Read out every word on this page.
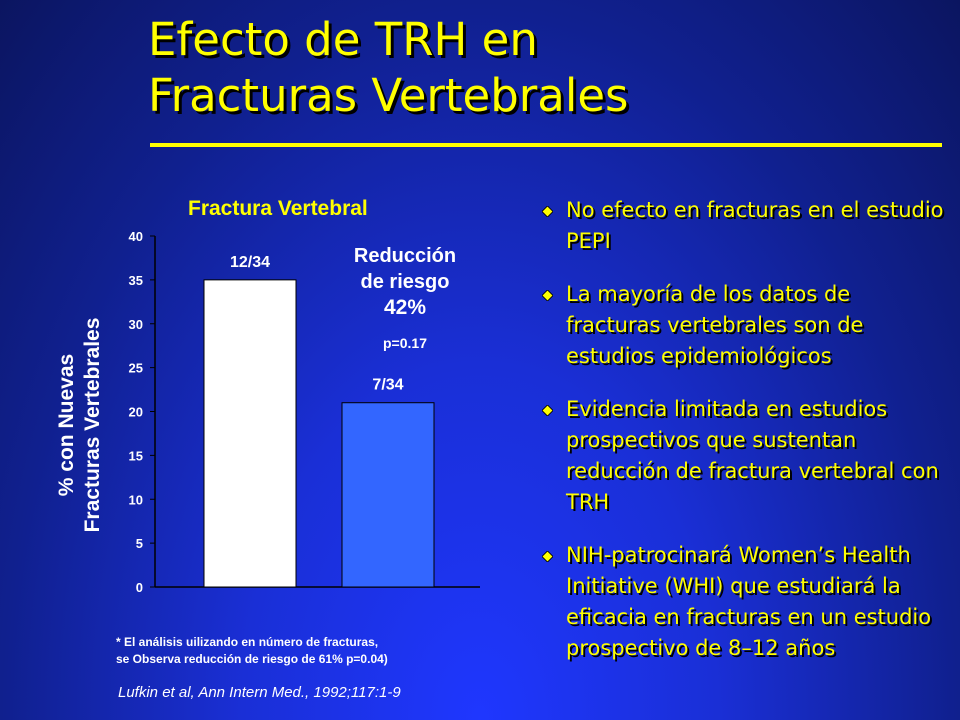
Efecto de TRH en
Fracturas Vertebrales
Fractura Vertebral
% con Nuevas Fracturas Vertebrales
0
5
10
15
20
25
30
35
40
12/34
7/34
Reducción
de riesgo
42%
p=0.17
* El análisis uilizando en número de fracturas,
se Observa reducción de riesgo de 61% p=0.04)
Lufkin et al, Ann Intern Med., 1992;117:1-9
No efecto en fracturas en el estudio PEPI
La mayoría de los datos de fracturas vertebrales son de estudios epidemiológicos
Evidencia limitada en estudios prospectivos que sustentan reducción de fractura vertebral con TRH
NIH-patrocinará Women’s Health Initiative (WHI) que estudiará la eficacia en fracturas en un estudio prospectivo de 8–12 años
